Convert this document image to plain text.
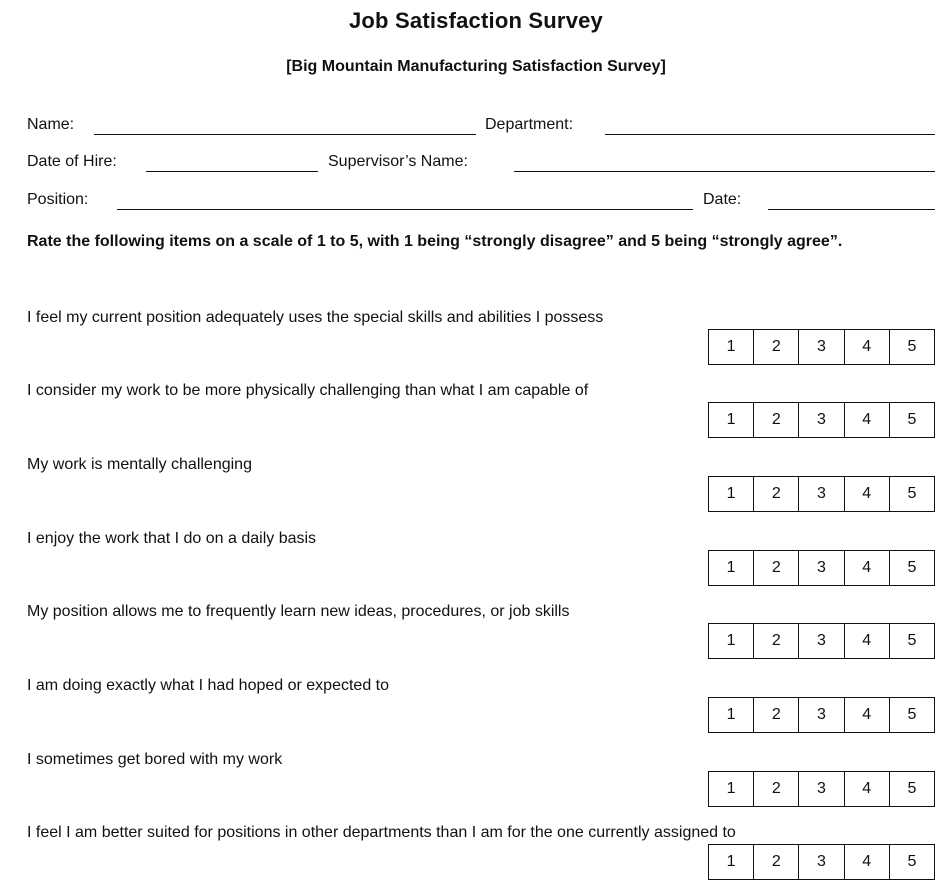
Job Satisfaction Survey
[Big Mountain Manufacturing Satisfaction Survey]
Name:	Department:
Date of Hire:	Supervisor’s Name:
Position:	Date:
Rate the following items on a scale of 1 to 5, with 1 being “strongly disagree” and 5 being “strongly agree”.
I feel my current position adequately uses the special skills and abilities I possess
1	2	3	4	5
I consider my work to be more physically challenging than what I am capable of
1	2	3	4	5
My work is mentally challenging
1	2	3	4	5
I enjoy the work that I do on a daily basis
1	2	3	4	5
My position allows me to frequently learn new ideas, procedures, or job skills
1	2	3	4	5
I am doing exactly what I had hoped or expected to
1	2	3	4	5
I sometimes get bored with my work
1	2	3	4	5
I feel I am better suited for positions in other departments than I am for the one currently assigned to
1	2	3	4	5
